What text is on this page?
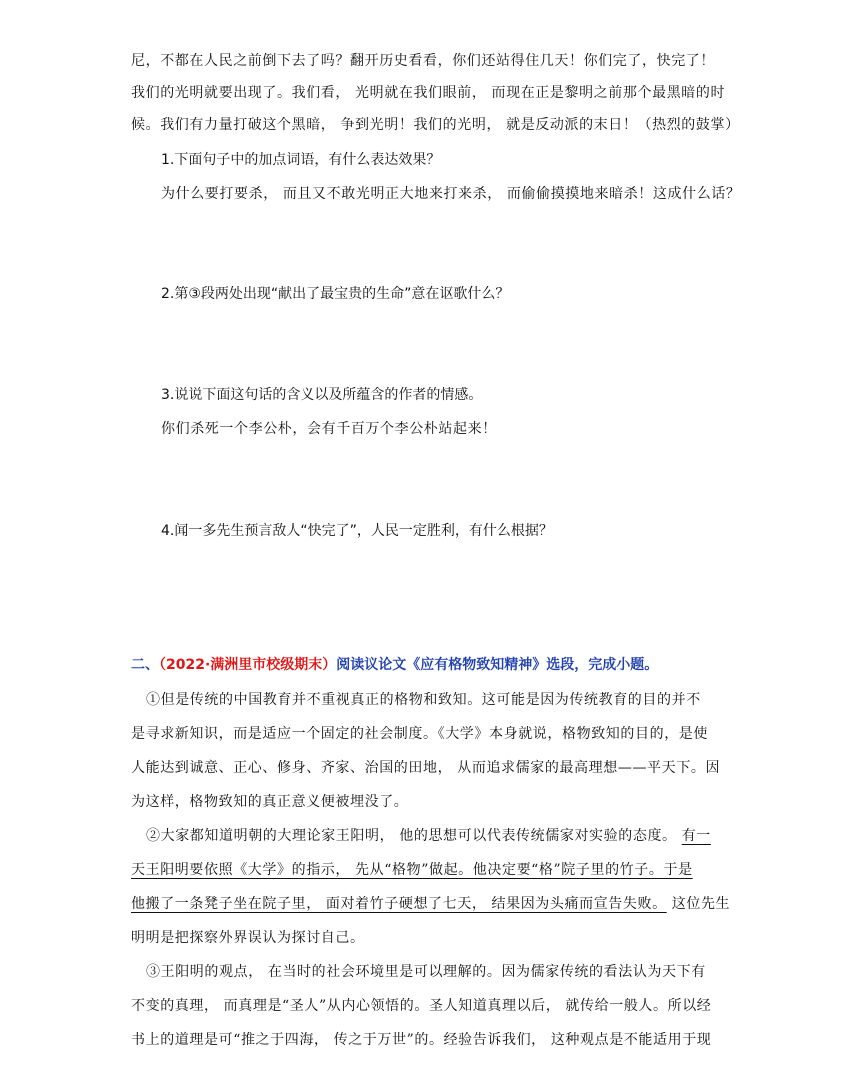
尼，不都在人民之前倒下去了吗？翻开历史看看，你们还站得住几天！你们完了，快完了！
我们的光明就要出现了。我们看， 光明就在我们眼前， 而现在正是黎明之前那个最黑暗的时
候。我们有力量打破这个黑暗， 争到光明！我们的光明， 就是反动派的末日！（热烈的鼓掌）
1.下面句子中的加点词语，有什么表达效果？
为什么要打要杀， 而且又不敢光明正大地来打来杀， 而偷偷摸摸地来暗杀！这成什么话？
2.第③段两处出现“献出了最宝贵的生命”意在讴歌什么？
3.说说下面这句话的含义以及所蕴含的作者的情感。
你们杀死一个李公朴，会有千百万个李公朴站起来！
4.闻一多先生预言敌人“快完了”，人民一定胜利，有什么根据？
二、（2022·满洲里市校级期末）阅读议论文《应有格物致知精神》选段，完成小题。
①但是传统的中国教育并不重视真正的格物和致知。这可能是因为传统教育的目的并不
是寻求新知识，而是适应一个固定的社会制度。《大学》本身就说，格物致知的目的，是使
人能达到诚意、正心、修身、齐家、治国的田地， 从而追求儒家的最高理想——平天下。因
为这样，格物致知的真正意义便被埋没了。
②大家都知道明朝的大理论家王阳明， 他的思想可以代表传统儒家对实验的态度。 有一
天王阳明要依照《大学》的指示， 先从“格物”做起。他决定要“格”院子里的竹子。于是
他搬了一条凳子坐在院子里， 面对着竹子硬想了七天， 结果因为头痛而宣告失败。 这位先生
明明是把探察外界误认为探讨自己。
③王阳明的观点， 在当时的社会环境里是可以理解的。因为儒家传统的看法认为天下有
不变的真理， 而真理是“圣人”从内心领悟的。圣人知道真理以后， 就传给一般人。所以经
书上的道理是可“推之于四海， 传之于万世”的。经验告诉我们， 这种观点是不能适用于现
